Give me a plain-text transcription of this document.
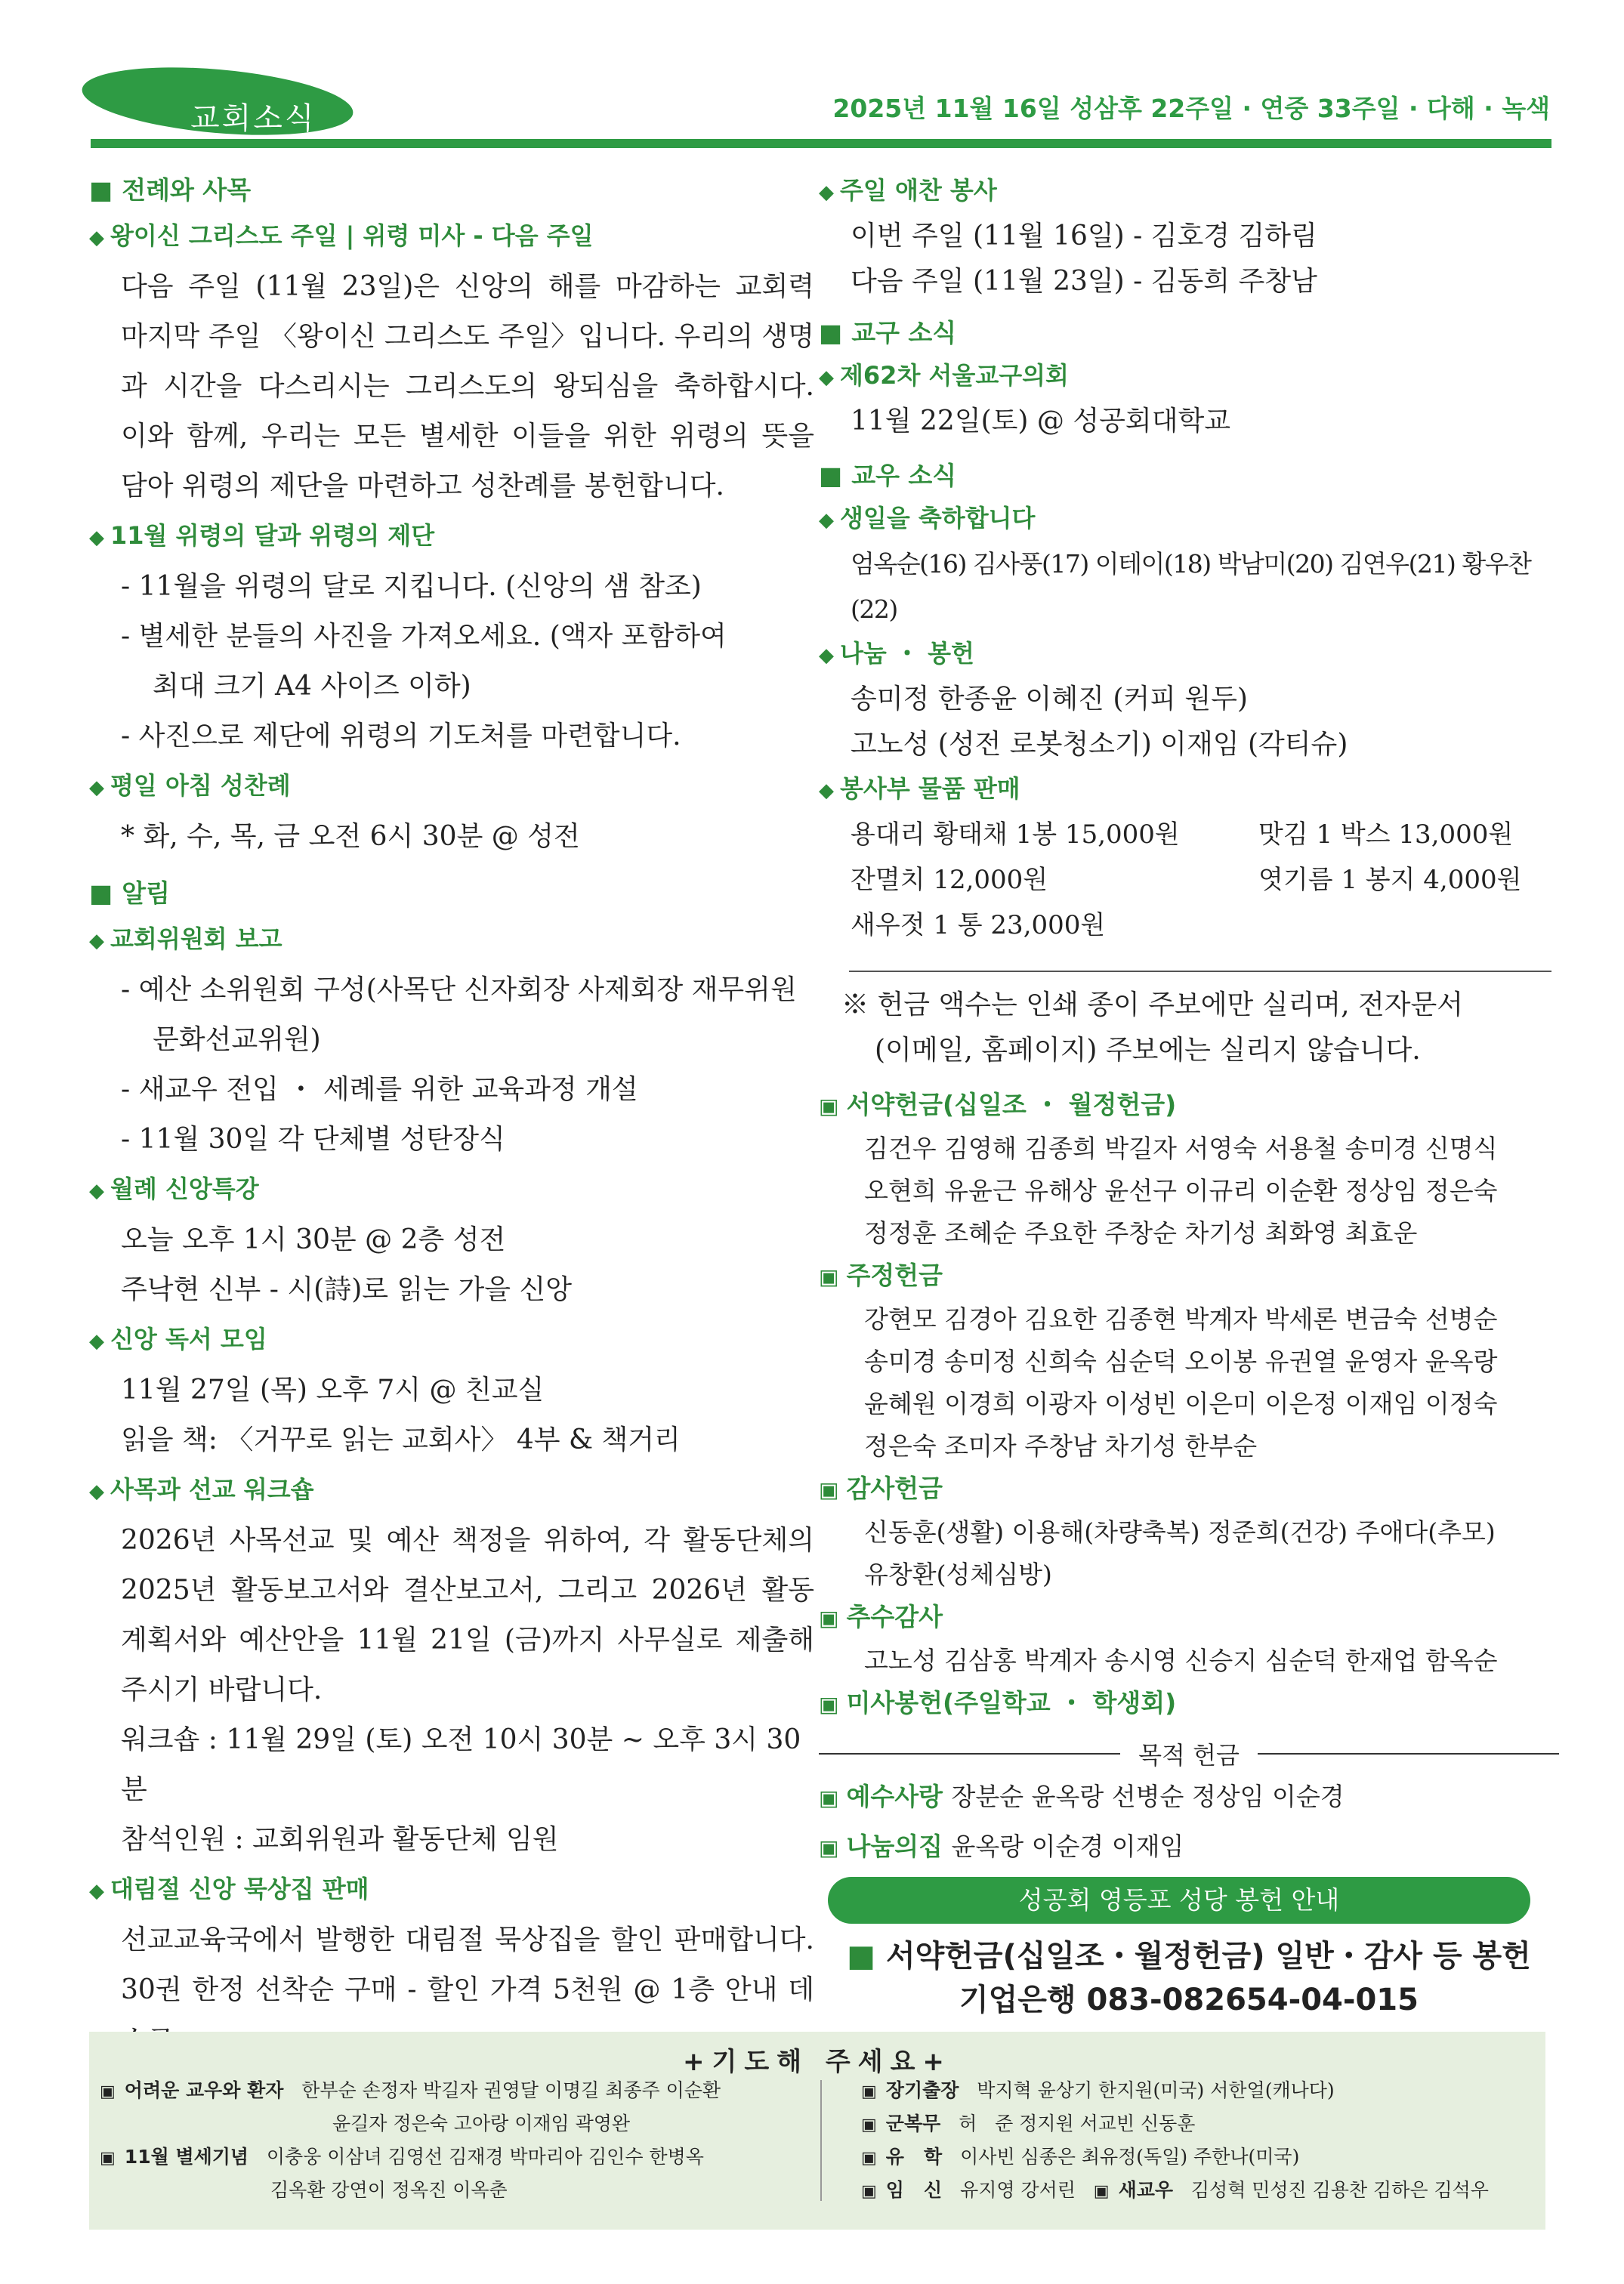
교회소식	2025년 11월 16일 성삼후 22주일 · 연중 33주일 · 다해 · 녹색
■ 전례와 사목
◆ 왕이신 그리스도 주일 | 위령 미사 - 다음 주일
다음 주일 (11월 23일)은 신앙의 해를 마감하는 교회력
마지막 주일 〈왕이신 그리스도 주일〉입니다. 우리의 생명
과 시간을 다스리시는 그리스도의 왕되심을 축하합시다.
이와 함께, 우리는 모든 별세한 이들을 위한 위령의 뜻을
담아 위령의 제단을 마련하고 성찬례를 봉헌합니다.
◆ 11월 위령의 달과 위령의 제단
- 11월을 위령의 달로 지킵니다. (신앙의 샘 참조)
- 별세한 분들의 사진을 가져오세요. (액자 포함하여
최대 크기 A4 사이즈 이하)
- 사진으로 제단에 위령의 기도처를 마련합니다.
◆ 평일 아침 성찬례
* 화, 수, 목, 금 오전 6시 30분 @ 성전
■ 알림
◆ 교회위원회 보고
- 예산 소위원회 구성(사목단 신자회장 사제회장 재무위원
문화선교위원)
- 새교우 전입 ・ 세례를 위한 교육과정 개설
- 11월 30일 각 단체별 성탄장식
◆ 월례 신앙특강
오늘 오후 1시 30분 @ 2층 성전
주낙현 신부 - 시(詩)로 읽는 가을 신앙
◆ 신앙 독서 모임
11월 27일 (목) 오후 7시 @ 친교실
읽을 책: 〈거꾸로 읽는 교회사〉 4부 & 책거리
◆ 사목과 선교 워크숍
2026년 사목선교 및 예산 책정을 위하여, 각 활동단체의
2025년 활동보고서와 결산보고서, 그리고 2026년 활동
계획서와 예산안을 11월 21일 (금)까지 사무실로 제출해
주시기 바랍니다.
워크숍 : 11월 29일 (토) 오전 10시 30분 ~ 오후 3시 30분
참석인원 : 교회위원과 활동단체 임원
◆ 대림절 신앙 묵상집 판매
선교교육국에서 발행한 대림절 묵상집을 할인 판매합니다.
30권 한정 선착순 구매 - 할인 가격 5천원 @ 1층 안내 데
◆ 주일 애찬 봉사
이번 주일 (11월 16일) - 김호경 김하림
다음 주일 (11월 23일) - 김동희 주창남
■ 교구 소식
◆ 제62차 서울교구의회
11월 22일(토) @ 성공회대학교
■ 교우 소식
◆ 생일을 축하합니다
엄옥순(16) 김사풍(17) 이테이(18) 박남미(20) 김연우(21) 황우찬(22)
◆ 나눔 ・ 봉헌
송미정 한종윤 이혜진 (커피 원두)
고노성 (성전 로봇청소기) 이재임 (각티슈)
◆ 봉사부 물품 판매
용대리 황태채 1봉 15,000원	맛김 1 박스 13,000원
잔멸치 12,000원	엿기름 1 봉지 4,000원
새우젓 1 통 23,000원
※ 헌금 액수는 인쇄 종이 주보에만 실리며, 전자문서
(이메일, 홈페이지) 주보에는 실리지 않습니다.
▣ 서약헌금(십일조 ・ 월정헌금)
김건우 김영해 김종희 박길자 서영숙 서용철 송미경 신명식
오현희 유윤근 유해상 윤선구 이규리 이순환 정상임 정은숙
정정훈 조혜순 주요한 주창순 차기성 최화영 최효운
▣ 주정헌금
강현모 김경아 김요한 김종현 박계자 박세론 변금숙 선병순
송미경 송미정 신희숙 심순덕 오이봉 유권열 윤영자 윤옥랑
윤혜원 이경희 이광자 이성빈 이은미 이은정 이재임 이정숙
정은숙 조미자 주창남 차기성 한부순
▣ 감사헌금
신동훈(생활) 이용해(차량축복) 정준희(건강) 주애다(추모)
유창환(성체심방)
▣ 추수감사
고노성 김삼홍 박계자 송시영 신승지 심순덕 한재업 함옥순
▣ 미사봉헌(주일학교 ・ 학생회)
목적 헌금
▣ 예수사랑 장분순 윤옥랑 선병순 정상임 이순경
▣ 나눔의집 윤옥랑 이순경 이재임
성공회 영등포 성당 봉헌 안내
■ 서약헌금(십일조・월정헌금) 일반・감사 등 봉헌
기업은행 083-082654-04-015
+기도해 주세요+
▣ 어려운 교우와 환자 한부순 손정자 박길자 권영달 이명길 최종주 이순환
윤길자 정은숙 고아랑 이재임 곽영완
▣ 11월 별세기념 이충웅 이삼녀 김영선 김재경 박마리아 김인수 한병옥
김옥환 강연이 정옥진 이옥춘
▣ 장기출장 박지혁 윤상기 한지원(미국) 서한얼(캐나다)
▣ 군복무 허   준 정지원 서교빈 신동훈
▣ 유   학 이사빈 심종은 최유정(독일) 주한나(미국)
▣ 임   신 유지영 강서린 ▣ 새교우 김성혁 민성진 김용찬 김하은 김석우
